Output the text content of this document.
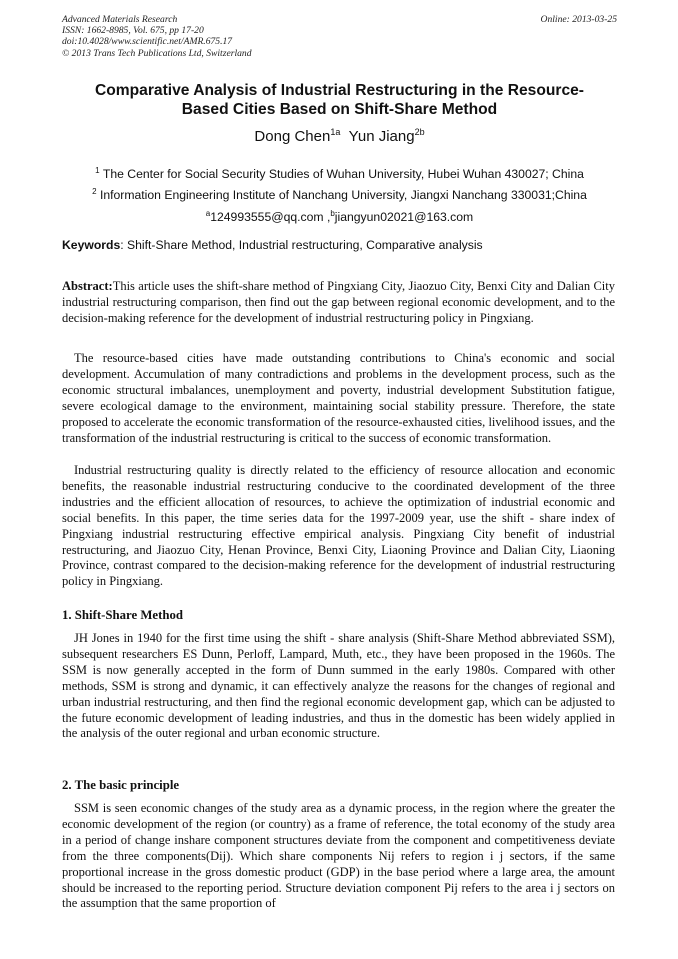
Advanced Materials Research
ISSN: 1662-8985, Vol. 675, pp 17-20
doi:10.4028/www.scientific.net/AMR.675.17
© 2013 Trans Tech Publications Ltd, Switzerland
Online: 2013-03-25
Comparative Analysis of Industrial Restructuring in the Resource-
Based Cities Based on Shift-Share Method
Dong Chen$^{1a}$ Yun Jiang$^{2b}$
$^1$ The Center for Social Security Studies of Wuhan University, Hubei Wuhan 430027; China
$^2$ Information Engineering Institute of Nanchang University, Jiangxi Nanchang 330031;China
$^a$124993555@qq.com ,$^b$jiangyun02021@163.com
Keywords: Shift-Share Method, Industrial restructuring, Comparative analysis
Abstract:This article uses the shift-share method of Pingxiang City, Jiaozuo City, Benxi City and Dalian City industrial restructuring comparison, then find out the gap between regional economic development, and to the decision-making reference for the development of industrial restructuring policy in Pingxiang.
The resource-based cities have made outstanding contributions to China's economic and social development. Accumulation of many contradictions and problems in the development process, such as the economic structural imbalances, unemployment and poverty, industrial development Substitution fatigue, severe ecological damage to the environment, maintaining social stability pressure. Therefore, the state proposed to accelerate the economic transformation of the resource-exhausted cities, livelihood issues, and the transformation of the industrial restructuring is critical to the success of economic transformation.
Industrial restructuring quality is directly related to the efficiency of resource allocation and economic benefits, the reasonable industrial restructuring conducive to the coordinated development of the three industries and the efficient allocation of resources, to achieve the optimization of industrial economic and social benefits. In this paper, the time series data for the 1997-2009 year, use the shift - share index of Pingxiang industrial restructuring effective empirical analysis. Pingxiang City benefit of industrial restructuring, and Jiaozuo City, Henan Province, Benxi City, Liaoning Province and Dalian City, Liaoning Province, contrast compared to the decision-making reference for the development of industrial restructuring policy in Pingxiang.
1. Shift-Share Method
JH Jones in 1940 for the first time using the shift - share analysis (Shift-Share Method abbreviated SSM), subsequent researchers ES Dunn, Perloff, Lampard, Muth, etc., they have been proposed in the 1960s. The SSM is now generally accepted in the form of Dunn summed in the early 1980s. Compared with other methods, SSM is strong and dynamic, it can effectively analyze the reasons for the changes of regional and urban industrial restructuring, and then find the regional economic development gap, which can be adjusted to the future economic development of leading industries, and thus in the domestic has been widely applied in the analysis of the outer regional and urban economic structure.
2. The basic principle
SSM is seen economic changes of the study area as a dynamic process, in the region where the greater the economic development of the region (or country) as a frame of reference, the total economy of the study area in a period of change inshare component structures deviate from the component and competitiveness deviate from the three components(Dij). Which share components Nij refers to region i j sectors, if the same proportional increase in the gross domestic product (GDP) in the base period where a large area, the amount should be increased to the reporting period. Structure deviation component Pij refers to the area i j sectors on the assumption that the same proportion of
